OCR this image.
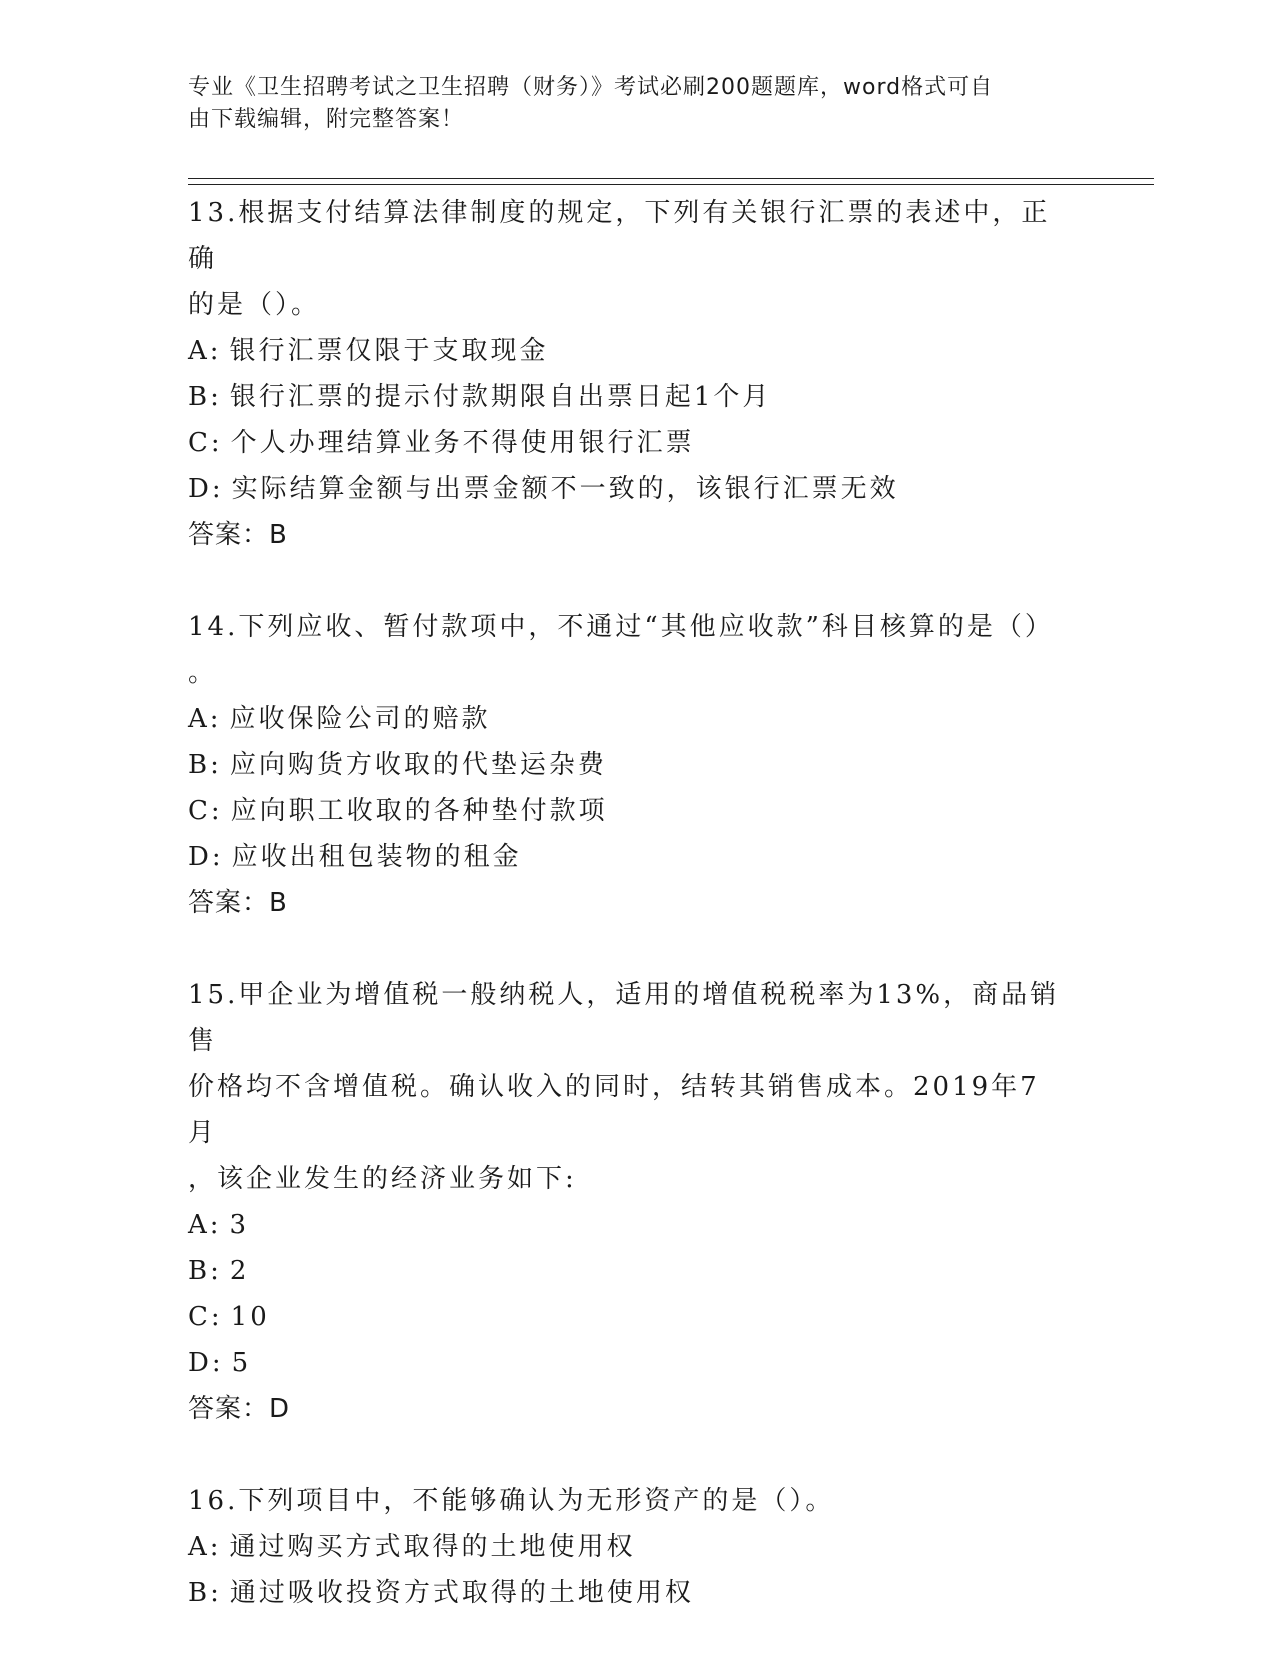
专业《卫生招聘考试之卫生招聘（财务）》考试必刷200题题库，word格式可自
由下载编辑，附完整答案！
13.根据支付结算法律制度的规定，下列有关银行汇票的表述中，正确
的是（）。
A: 银行汇票仅限于支取现金
B: 银行汇票的提示付款期限自出票日起1个月
C: 个人办理结算业务不得使用银行汇票
D: 实际结算金额与出票金额不一致的，该银行汇票无效
答案：B
14.下列应收、暂付款项中，不通过“其他应收款”科目核算的是（）
。
A: 应收保险公司的赔款
B: 应向购货方收取的代垫运杂费
C: 应向职工收取的各种垫付款项
D: 应收出租包装物的租金
答案：B
15.甲企业为增值税一般纳税人，适用的增值税税率为13%，商品销售
价格均不含增值税。确认收入的同时，结转其销售成本。2019年7月
，该企业发生的经济业务如下:
A: 3
B: 2
C: 10
D: 5
答案：D
16.下列项目中，不能够确认为无形资产的是（）。
A: 通过购买方式取得的土地使用权
B: 通过吸收投资方式取得的土地使用权
